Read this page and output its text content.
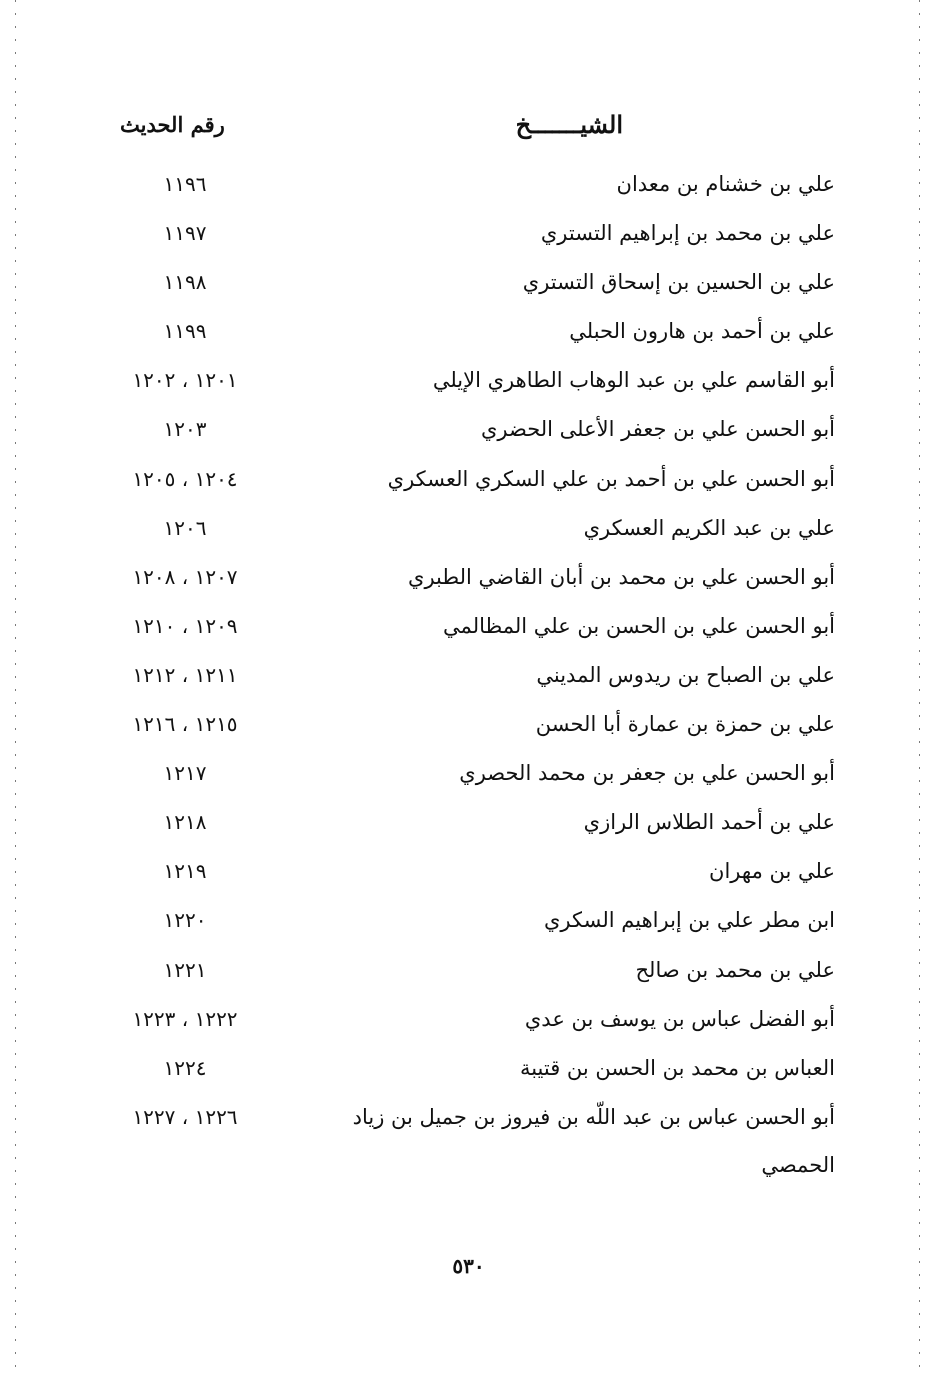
الشيـــــــخ
رقم الحديث
علي بن خشنام بن معدان
١١٩٦
علي بن محمد بن إبراهيم التستري
١١٩٧
علي بن الحسين بن إسحاق التستري
١١٩٨
علي بن أحمد بن هارون الحبلي
١١٩٩
أبو القاسم علي بن عبد الوهاب الطاهري الإيلي
١٢٠١ ، ١٢٠٢
أبو الحسن علي بن جعفر الأعلى الحضري
١٢٠٣
أبو الحسن علي بن أحمد بن علي السكري العسكري
١٢٠٤ ، ١٢٠٥
علي بن عبد الكريم العسكري
١٢٠٦
أبو الحسن علي بن محمد بن أبان القاضي الطبري
١٢٠٧ ، ١٢٠٨
أبو الحسن علي بن الحسن بن علي المظالمي
١٢٠٩ ، ١٢١٠
علي بن الصباح بن ريدوس المديني
١٢١١ ، ١٢١٢
علي بن حمزة بن عمارة أبا الحسن
١٢١٥ ، ١٢١٦
أبو الحسن علي بن جعفر بن محمد الحصري
١٢١٧
علي بن أحمد الطلاس الرازي
١٢١٨
علي بن مهران
١٢١٩
ابن مطر علي بن إبراهيم السكري
١٢٢٠
علي بن محمد بن صالح
١٢٢١
أبو الفضل عباس بن يوسف بن عدي
١٢٢٢ ، ١٢٢٣
العباس بن محمد بن الحسن بن قتيبة
١٢٢٤
أبو الحسن عباس بن عبد اللّه بن فيروز بن جميل بن زياد الحمصي
١٢٢٦ ، ١٢٢٧
٥٣٠
